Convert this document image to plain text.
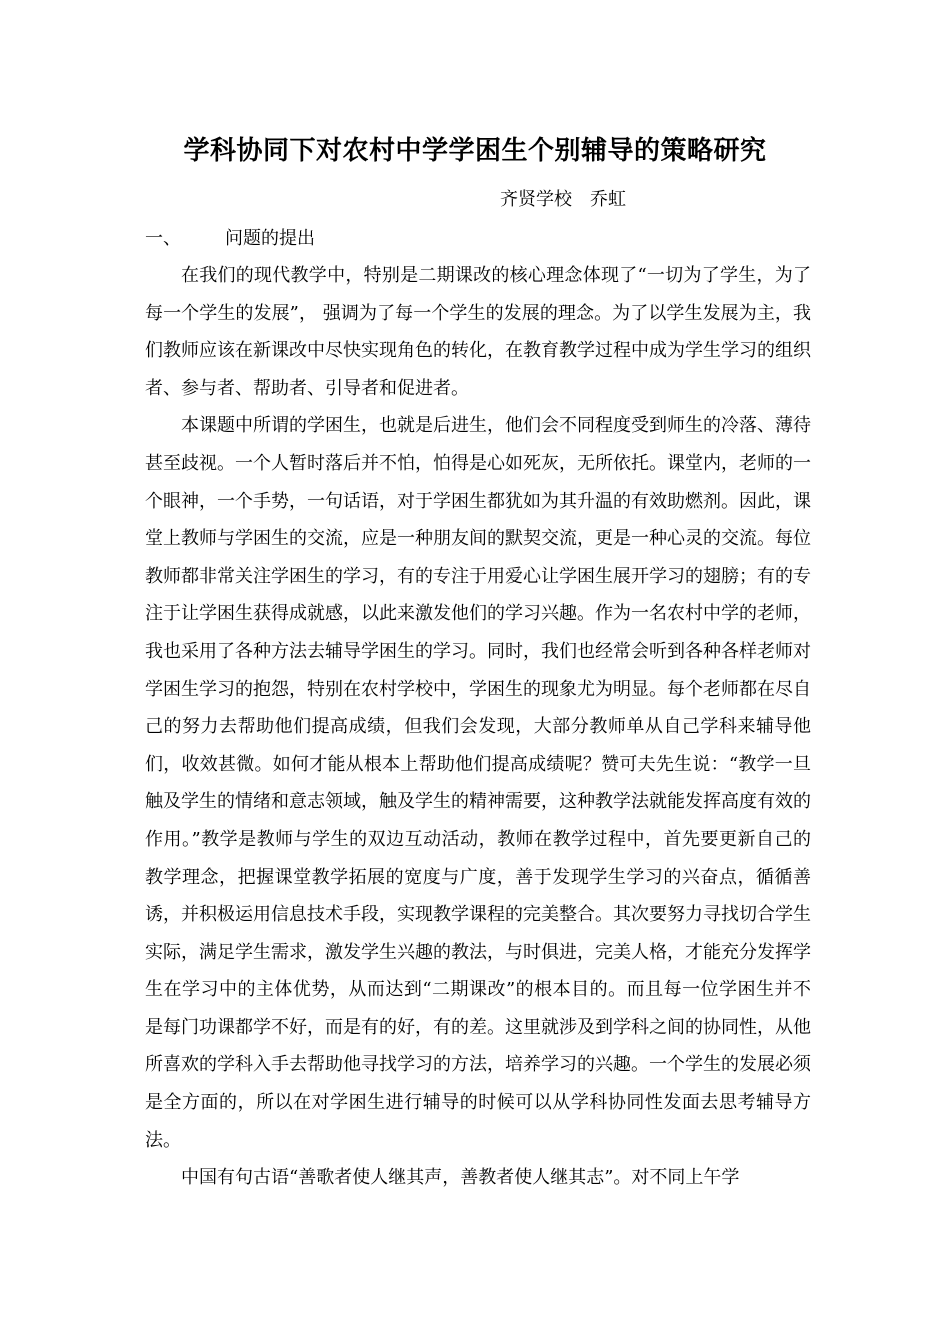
学科协同下对农村中学学困生个别辅导的策略研究
齐贤学校 乔虹
一、 问题的提出

在我们的现代教学中，特别是二期课改的核心理念体现了“一切为了学生，为了每一个学生的发展”， 强调为了每一个学生的发展的理念。为了以学生发展为主，我们教师应该在新课改中尽快实现角色的转化，在教育教学过程中成为学生学习的组织者、参与者、帮助者、引导者和促进者。

本课题中所谓的学困生，也就是后进生，他们会不同程度受到师生的冷落、薄待甚至歧视。一个人暂时落后并不怕，怕得是心如死灰，无所依托。课堂内，老师的一个眼神，一个手势，一句话语，对于学困生都犹如为其升温的有效助燃剂。因此，课堂上教师与学困生的交流，应是一种朋友间的默契交流，更是一种心灵的交流。每位教师都非常关注学困生的学习，有的专注于用爱心让学困生展开学习的翅膀；有的专注于让学困生获得成就感，以此来激发他们的学习兴趣。作为一名农村中学的老师，我也采用了各种方法去辅导学困生的学习。同时，我们也经常会听到各种各样老师对学困生学习的抱怨，特别在农村学校中，学困生的现象尤为明显。每个老师都在尽自己的努力去帮助他们提高成绩，但我们会发现，大部分教师单从自己学科来辅导他们，收效甚微。如何才能从根本上帮助他们提高成绩呢？赞可夫先生说：“教学一旦触及学生的情绪和意志领域，触及学生的精神需要，这种教学法就能发挥高度有效的作用。”教学是教师与学生的双边互动活动，教师在教学过程中，首先要更新自己的教学理念，把握课堂教学拓展的宽度与广度，善于发现学生学习的兴奋点，循循善诱，并积极运用信息技术手段，实现教学课程的完美整合。其次要努力寻找切合学生实际，满足学生需求，激发学生兴趣的教法，与时俱进，完美人格，才能充分发挥学生在学习中的主体优势，从而达到“二期课改”的根本目的。而且每一位学困生并不是每门功课都学不好，而是有的好，有的差。这里就涉及到学科之间的协同性，从他所喜欢的学科入手去帮助他寻找学习的方法，培养学习的兴趣。一个学生的发展必须是全方面的，所以在对学困生进行辅导的时候可以从学科协同性发面去思考辅导方法。

中国有句古语“善歌者使人继其声，善教者使人继其志”。对不同上午学
